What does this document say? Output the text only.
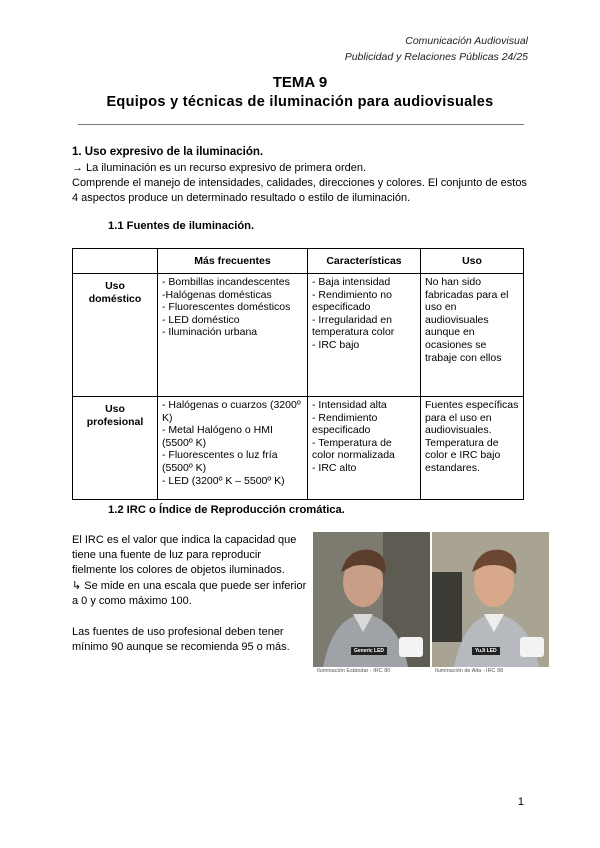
Comunicación Audiovisual
Publicidad y Relaciones Públicas 24/25
TEMA 9
Equipos y técnicas de iluminación para audiovisuales
1. Uso expresivo de la iluminación.
→ La iluminación es un recurso expresivo de primera orden.
Comprende el manejo de intensidades, calidades, direcciones y colores. El conjunto de estos 4 aspectos produce un determinado resultado o estilo de iluminación.
1.1 Fuentes de iluminación.
	Más frecuentes	Características	Uso

Uso
doméstico	- Bombillas incandescentes
-Halógenas domésticas
- Fluorescentes domésticos
- LED doméstico
- Iluminación urbana	- Baja intensidad
- Rendimiento no especificado
- Irregularidad en temperatura color
- IRC bajo	No han sido fabricadas para el uso en audiovisuales aunque en ocasiones se trabaje con ellos

Uso
profesional	- Halógenas o cuarzos (3200º K)
- Metal Halógeno o HMI (5500º K)
- Fluorescentes o luz fría (5500º K)
- LED (3200º K – 5500º K)	- Intensidad alta
- Rendimiento especificado
- Temperatura de color normalizada
- IRC alto	Fuentes específicas para el uso en audiovisuales. Temperatura de color e IRC bajo estandares.
1.2 IRC o Índice de Reproducción cromática.

El IRC es el valor que indica la capacidad que tiene una fuente de luz para reproducir fielmente los colores de objetos iluminados.

↳ Se mide en una escala que puede ser inferior a 0 y como máximo 100.

Las fuentes de uso profesional deben tener mínimo 90 aunque se recomienda 95 o más.	Generic LED	YuJi LED
Iluminación Estándar - IRC 80	Iluminación de Alta - IRC 98
1
